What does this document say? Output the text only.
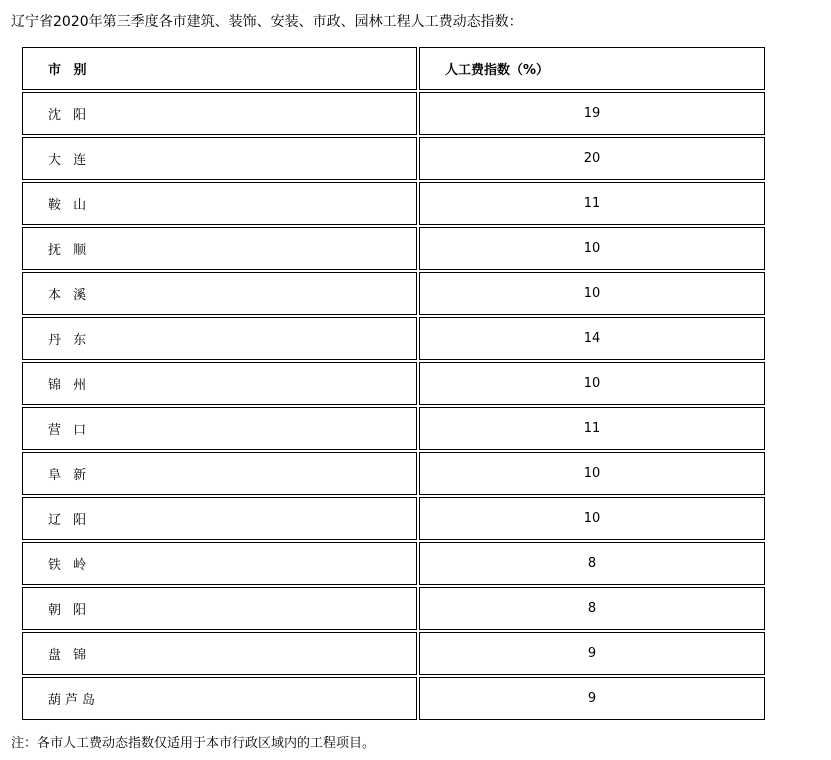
辽宁省2020年第三季度各市建筑、装饰、安装、市政、园林工程人工费动态指数：
市 别	人工费指数（%）
沈 阳	19
大 连	20
鞍 山	11
抚 顺	10
本 溪	10
丹 东	14
锦 州	10
营 口	11
阜 新	10
辽 阳	10
铁 岭	8
朝 阳	8
盘 锦	9
葫芦岛	9
注：各市人工费动态指数仅适用于本市行政区域内的工程项目。
